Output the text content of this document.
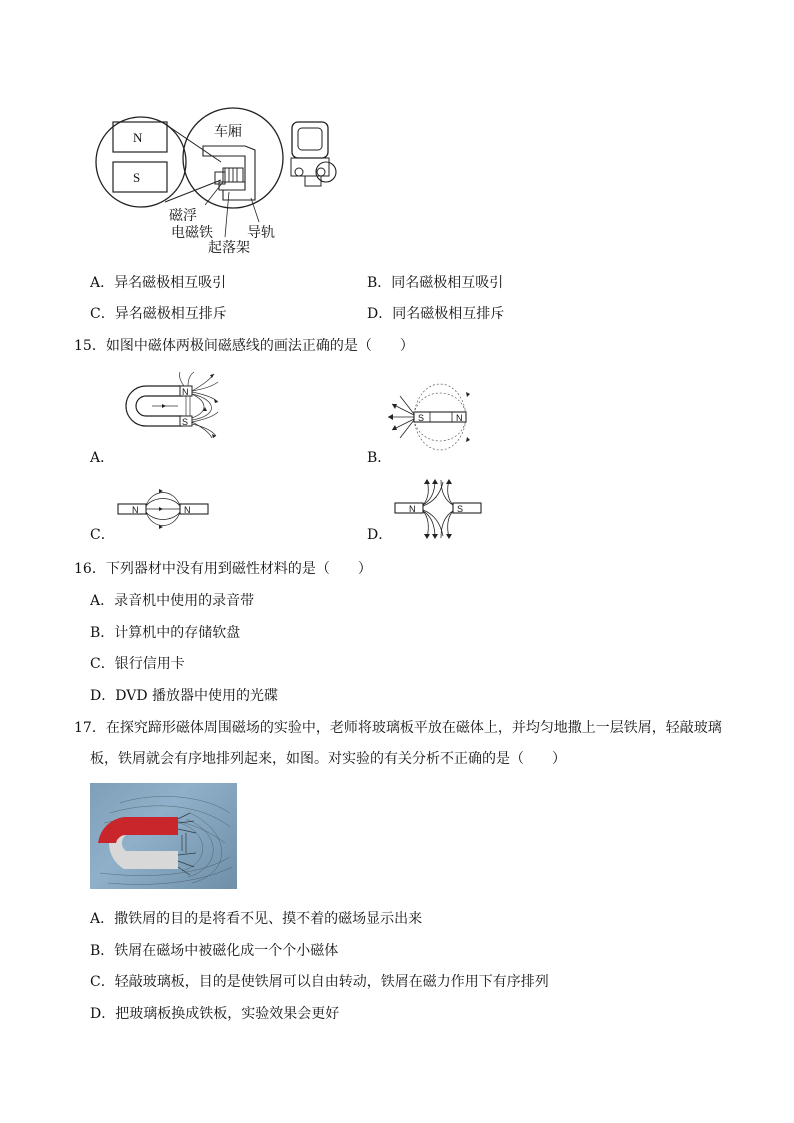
N
S
车厢
磁浮
电磁铁
起落架
导轨
A．异名磁极相互吸引	B．同名磁极相互吸引
C．异名磁极相互排斥	D．同名磁极相互排斥
15．如图中磁体两极间磁感线的画法正确的是（　　）
N
S
A．
S	N
B．
N	N
C．
N	S
D．
16．下列器材中没有用到磁性材料的是（　　）
A．录音机中使用的录音带
B．计算机中的存储软盘
C．银行信用卡
D．DVD 播放器中使用的光碟
17．在探究蹄形磁体周围磁场的实验中，老师将玻璃板平放在磁体上，并均匀地撒上一层铁屑，轻敲玻璃
板，铁屑就会有序地排列起来，如图。对实验的有关分析不正确的是（　　）
A．撒铁屑的目的是将看不见、摸不着的磁场显示出来
B．铁屑在磁场中被磁化成一个个小磁体
C．轻敲玻璃板，目的是使铁屑可以自由转动，铁屑在磁力作用下有序排列
D．把玻璃板换成铁板，实验效果会更好
